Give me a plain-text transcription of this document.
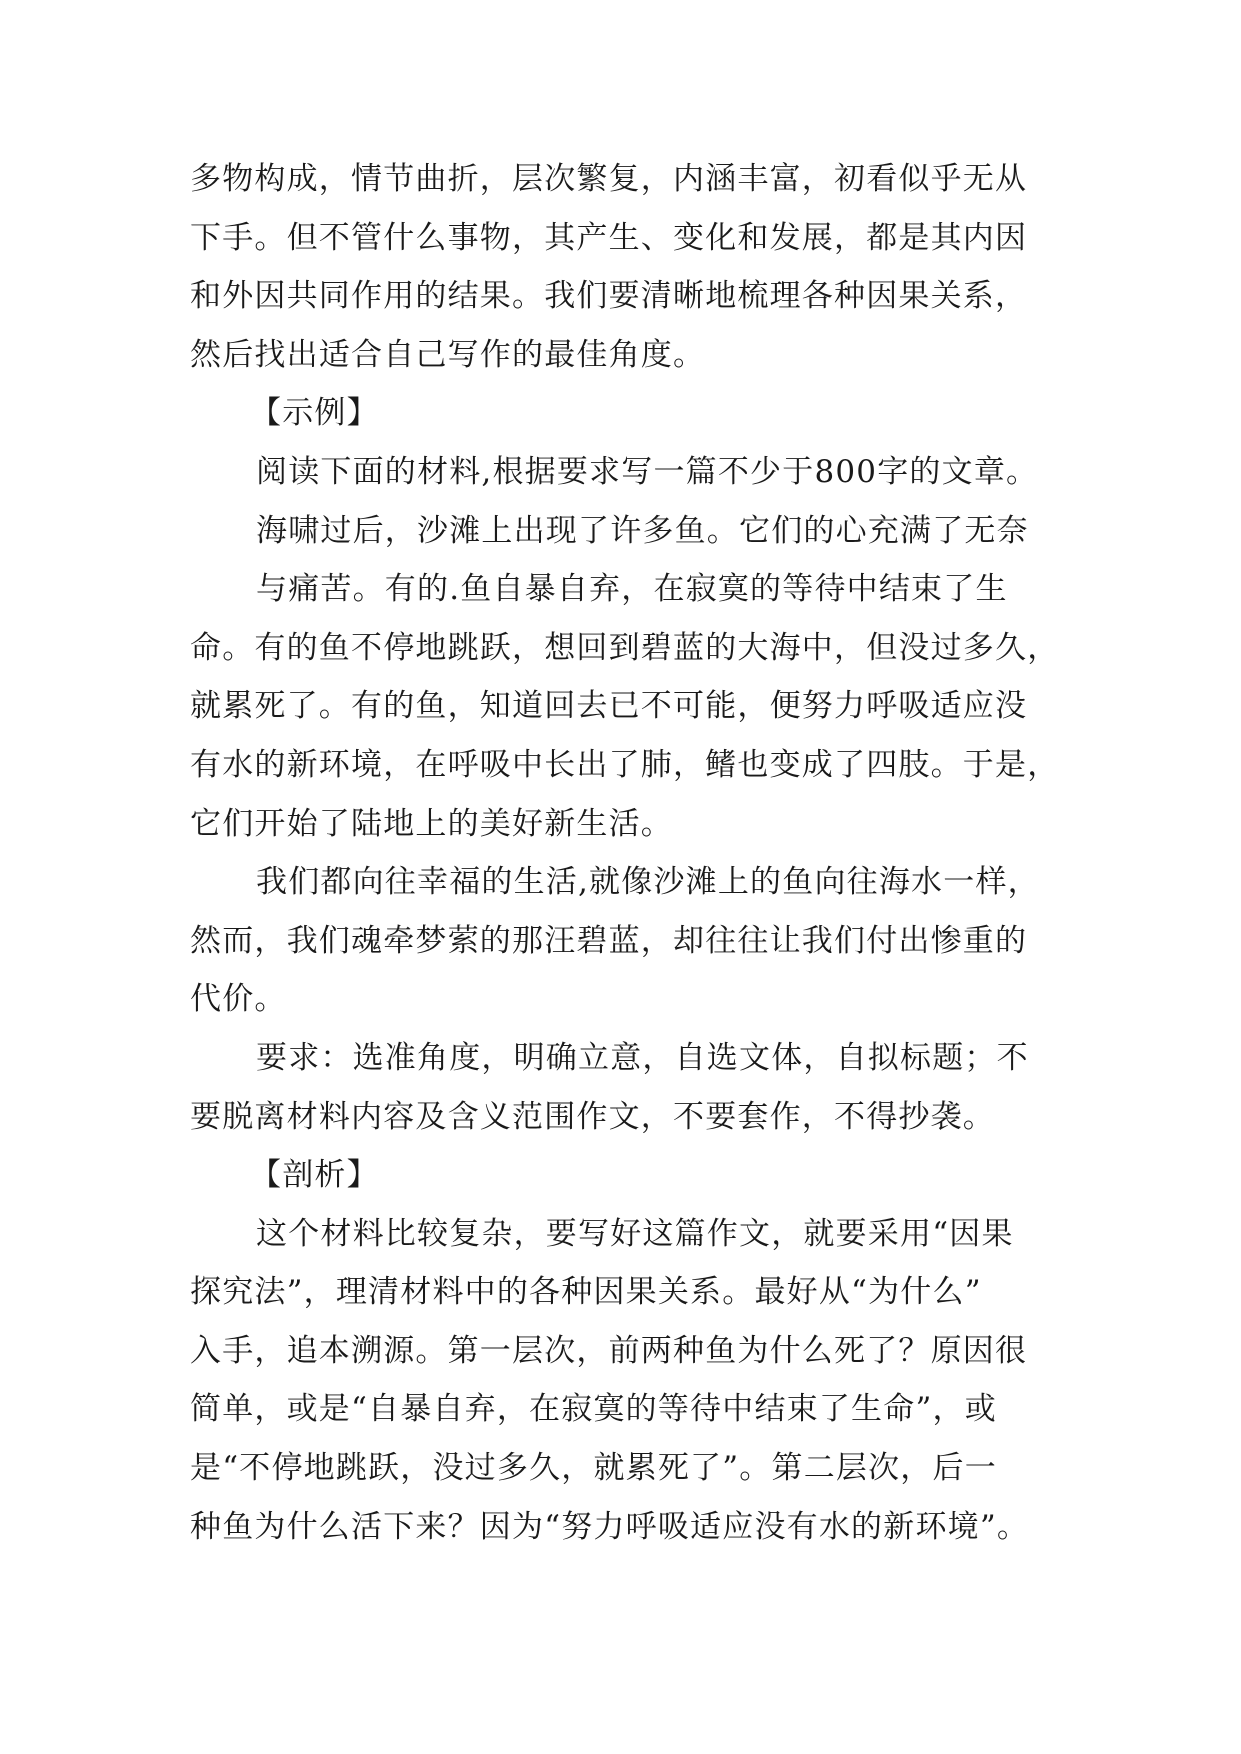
多物构成，情节曲折，层次繁复，内涵丰富，初看似乎无从
下手。但不管什么事物，其产生、变化和发展，都是其内因
和外因共同作用的结果。我们要清晰地梳理各种因果关系，
然后找出适合自己写作的最佳角度。
【示例】
阅读下面的材料,根据要求写一篇不少于800字的文章。
海啸过后，沙滩上出现了许多鱼。它们的心充满了无奈
与痛苦。有的.鱼自暴自弃，在寂寞的等待中结束了生
命。有的鱼不停地跳跃，想回到碧蓝的大海中，但没过多久，
就累死了。有的鱼，知道回去已不可能，便努力呼吸适应没
有水的新环境，在呼吸中长出了肺，鳍也变成了四肢。于是，
它们开始了陆地上的美好新生活。
我们都向往幸福的生活,就像沙滩上的鱼向往海水一样，
然而，我们魂牵梦萦的那汪碧蓝，却往往让我们付出惨重的
代价。
要求：选准角度，明确立意，自选文体，自拟标题；不
要脱离材料内容及含义范围作文，不要套作，不得抄袭。
【剖析】
这个材料比较复杂，要写好这篇作文，就要采用“因果
探究法”，理清材料中的各种因果关系。最好从“为什么”
入手，追本溯源。第一层次，前两种鱼为什么死了？原因很
简单，或是“自暴自弃，在寂寞的等待中结束了生命”，或
是“不停地跳跃，没过多久，就累死了”。第二层次，后一
种鱼为什么活下来？因为“努力呼吸适应没有水的新环境”。
